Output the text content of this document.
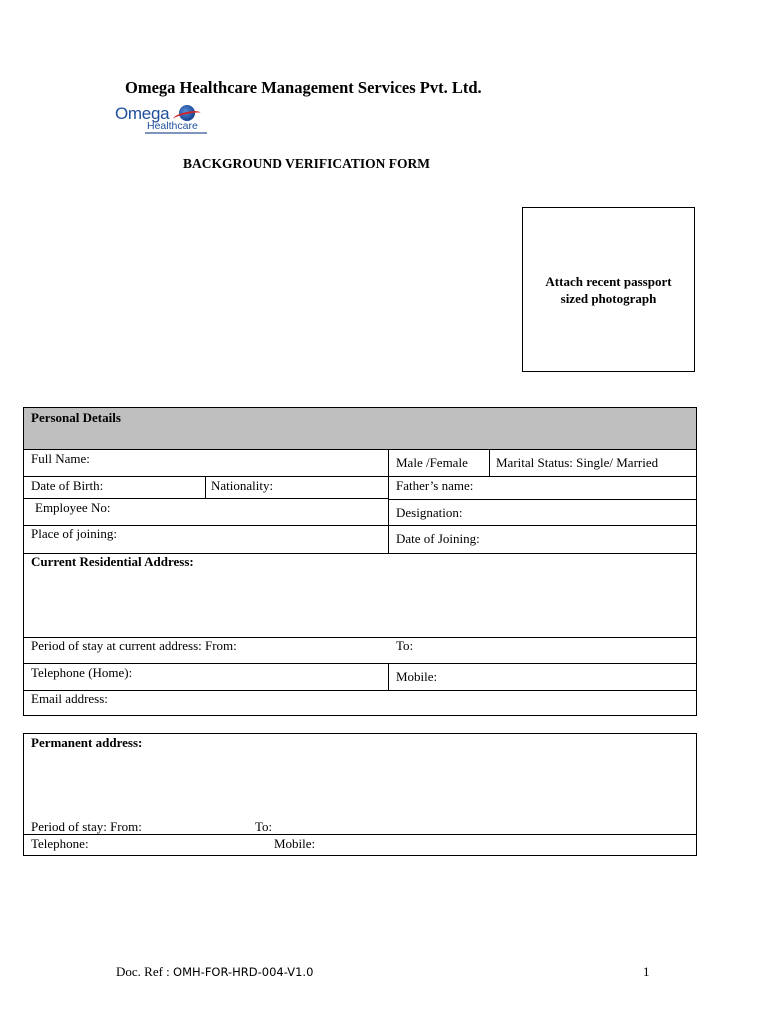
Omega Healthcare Management Services Pvt. Ltd.
Omega
Healthcare
BACKGROUND VERIFICATION FORM
Attach recent passport sized photograph
Personal Details
Full Name:	Male /Female Marital Status: Single/ Married
Date of Birth:	Nationality:	Father’s name:
Employee No:	Designation:
Place of joining:	Date of Joining:
Current Residential Address:
Period of stay at current address: From:	To:
Telephone (Home):	Mobile:
Email address:
Permanent address:
Period of stay: From:	To:
Telephone:	Mobile:
Doc. Ref : OMH-FOR-HRD-004-V1.0	1
